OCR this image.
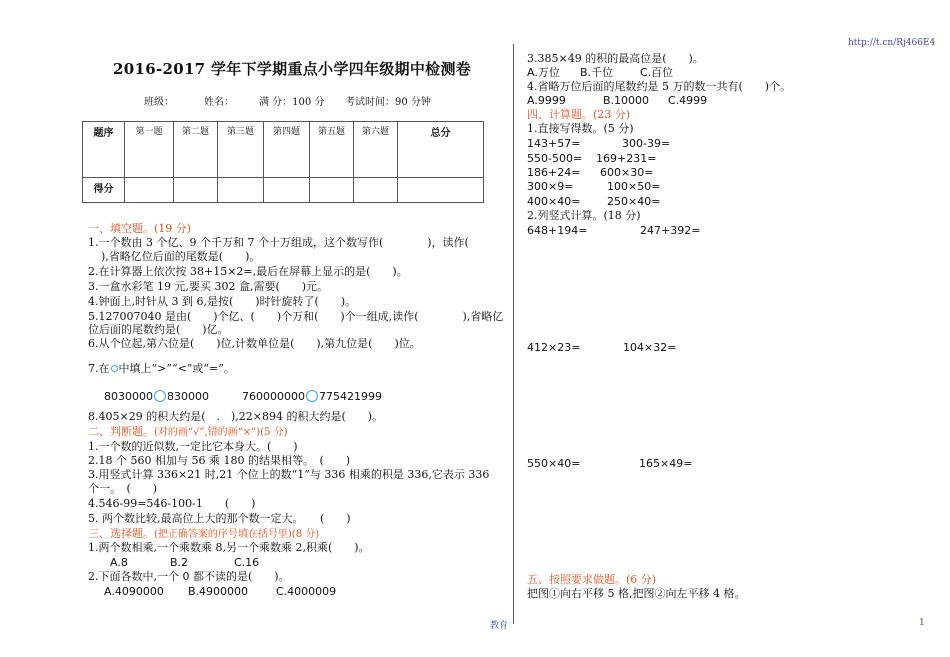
http://t.cn/Rj466E4
2016-2017 学年下学期重点小学四年级期中检测卷
班级：	姓名：	满 分：100 分 考试时间：90 分钟
题序	第一题	第二题	第三题	第四题	第五题	第六题	总分
得分							
一、填空题。(19 分)
1.一个数由 3 个亿、9 个千万和 7 个十万组成，这个数写作(　　　　)，读作(
),省略亿位后面的尾数是(　　)。
2.在计算器上依次按 38+15×2=,最后在屏幕上显示的是(　　)。
3.一盒水彩笔 19 元,要买 302 盒,需要(　　)元。
4.钟面上,时针从 3 到 6,是按(　　)时针旋转了(　　)。
5.127007040 是由(　　)个亿、(　　)个万和(　　)个一组成,读作(　　　　),省略亿
位后面的尾数约是(　　)亿。
6.从个位起,第六位是(　　)位,计数单位是(　　),第九位是(　　)位。
7.在 中填上“>”“<”或“=”。
8030000 830000	760000000 775421999
8.405×29 的积大约是(　.　),22×894 的积大约是(　　)。
二、判断题。(对的画“√”,错的画“×”)(5 分)
1.一个数的近似数,一定比它本身大。(　　)
2.18 个 560 相加与 56 乘 180 的结果相等。　(　　)
3.用竖式计算 336×21 时,21 个位上的数“1”与 336 相乘的积是 336,它表示 336
个一。　(　　)
4.546-99=546-100-1　　(　　)
5. 两个数比较,最高位上大的那个数一定大。　　(　　)
三、选择题。(把正确答案的序号填在括号里)(8 分)
1.两个数相乘,一个乘数乘 8,另一个乘数乘 2,积乘(　　)。
A.8	B.2	C.16
2.下面各数中,一个 0 都不读的是(　　)。
A.4090000 B.4900000	C.4000009
3.385×49 的积的最高位是(　　)。
A.万位 B.千位 C.百位
4.省略万位后面的尾数约是 5 万的数一共有(　　)个。
A.9999	B.10000 C.4999
四、计算题。(23 分)
1.直接写得数。(5 分)
143+57=	300-39=
550-500= 169+231=
186+24= 600×30=
300×9=	100×50=
400×40= 250×40=
2.列竖式计算。(18 分)
648+194=	247+392=
412×23=	104×32=
550×40=	165×49=
五、按照要求做题。(6 分)
把图①向右平移 5 格,把图②向左平移 4 格。
教育	1
